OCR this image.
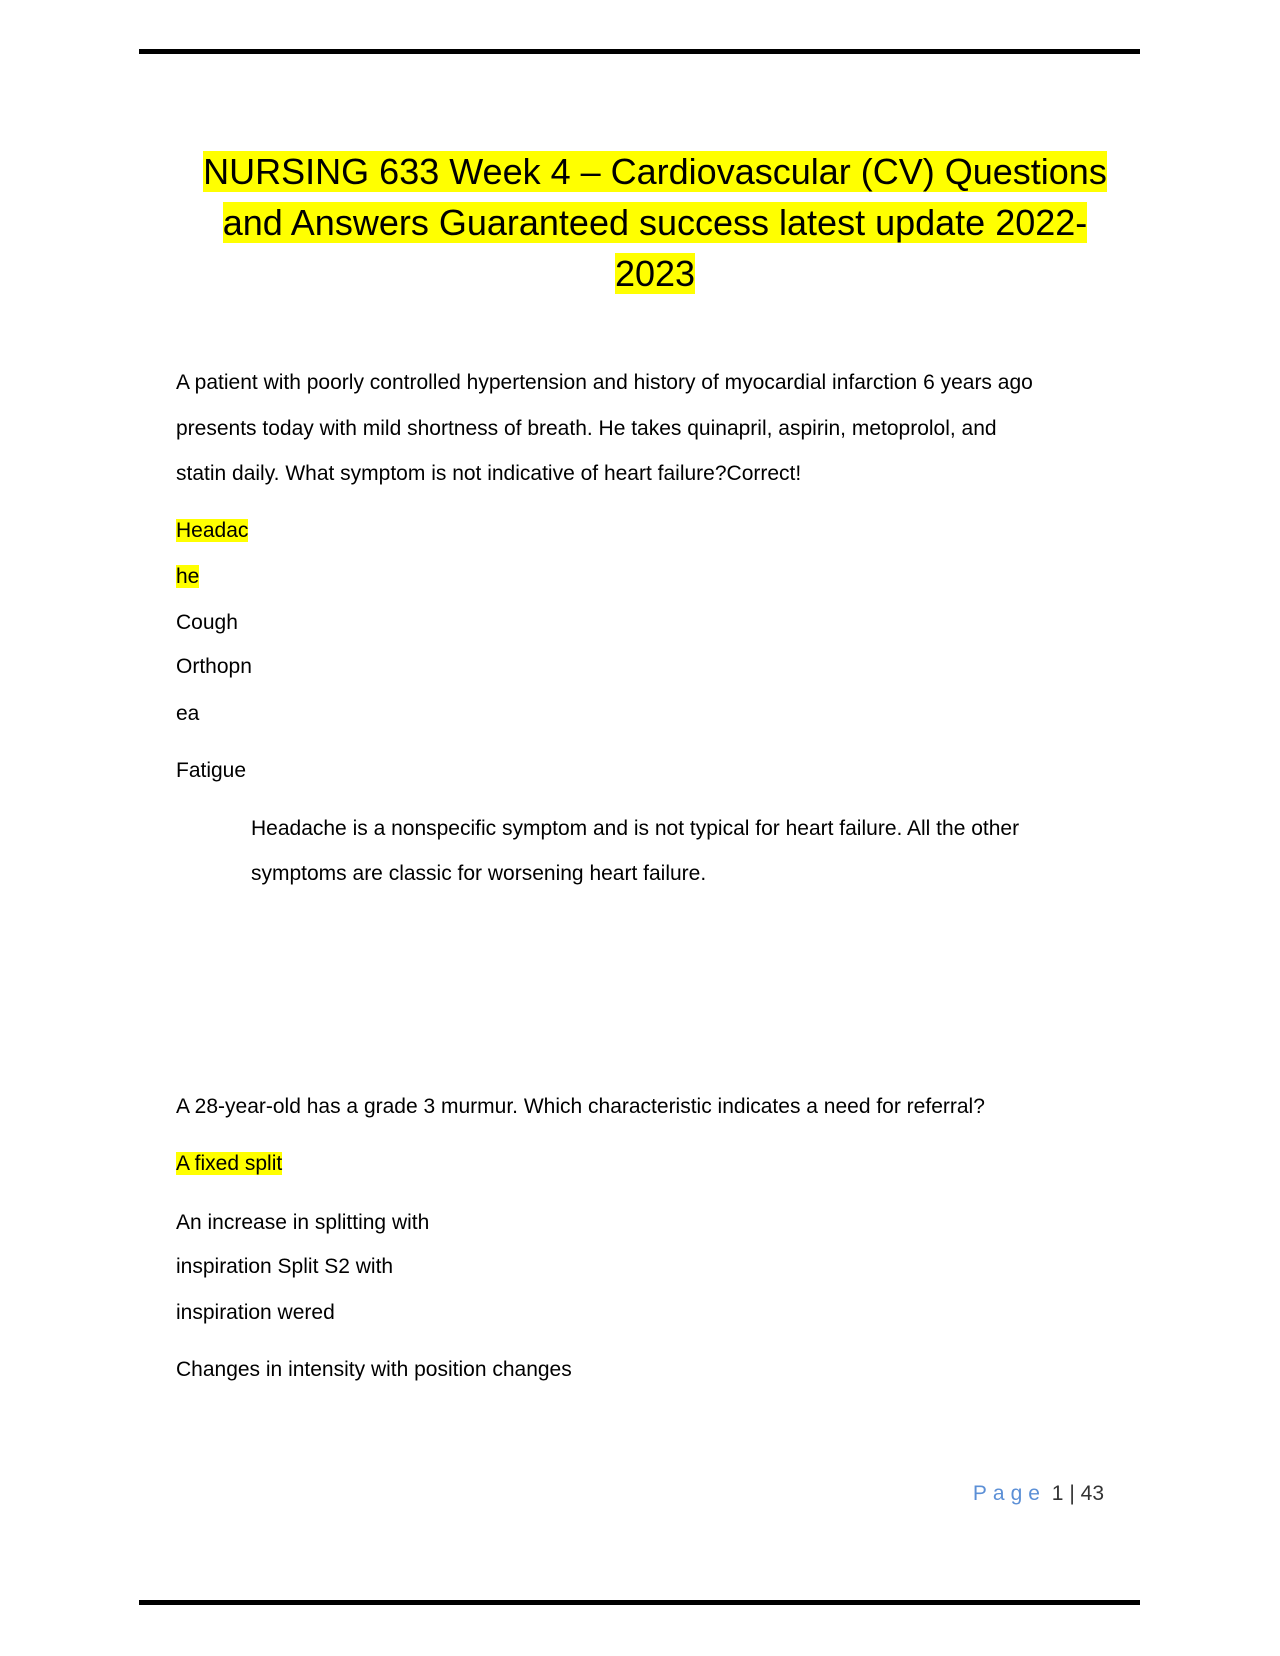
NURSING 633 Week 4 – Cardiovascular (CV) Questions
and Answers Guaranteed success latest update 2022-
2023
A patient with poorly controlled hypertension and history of myocardial infarction 6 years ago
presents today with mild shortness of breath. He takes quinapril, aspirin, metoprolol, and
statin daily. What symptom is not indicative of heart failure?Correct!
Headac
he
Cough
Orthopn
ea
Fatigue
Headache is a nonspecific symptom and is not typical for heart failure. All the other
symptoms are classic for worsening heart failure.
A 28-year-old has a grade 3 murmur. Which characteristic indicates a need for referral?
A fixed split
An increase in splitting with
inspiration Split S2 with
inspiration wered
Changes in intensity with position changes
Page 1 | 43
